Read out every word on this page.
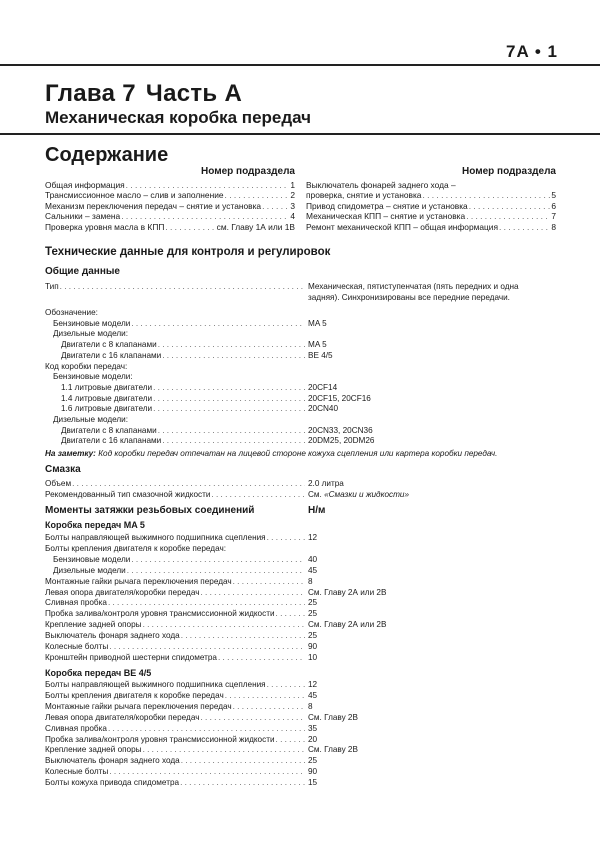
7A • 1
Глава 7 Часть А
Механическая коробка передач
Содержание
Номер подраздела
Общая информация . . .	1
Трансмиссионное масло – слив и заполнение . . .	2
Механизм переключения передач – снятие и установка . . .	3
Сальники – замена . . .	4
Проверка уровня масла в КПП . . .	см. Главу 1А или 1В
Номер подраздела
Выключатель фонарей заднего хода –
проверка, снятие и установка . . .	5
Привод спидометра – снятие и установка . . .	6
Механическая КПП – снятие и установка . . .	7
Ремонт механической КПП – общая информация . . .	8
Технические данные для контроля и регулировок
Общие данные
Тип . . .	Механическая, пятиступенчатая (пять передних и одна
задняя). Синхронизированы все передние передачи.
Обозначение:
Бензиновые модели . . .	MA 5
Дизельные модели:
Двигатели с 8 клапанами . . .	MA 5
Двигатели с 16 клапанами . . .	BE 4/5
Код коробки передач:
Бензиновые модели:
1.1 литровые двигатели . . .	20CF14
1.4 литровые двигатели . . .	20CF15, 20CF16
1.6 литровые двигатели . . .	20CN40
Дизельные модели:
Двигатели с 8 клапанами . . .	20CN33, 20CN36
Двигатели с 16 клапанами . . .	20DM25, 20DM26
На заметку: Код коробки передач отпечатан на лицевой стороне кожуха сцепления или картера коробки передач.
Смазка
Объем . . .	2.0 литра
Рекомендованный тип смазочной жидкости . . .	См. «Смазки и жидкости»
Моменты затяжки резьбовых соединений	Н/м
Коробка передач MA 5
Болты направляющей выжимного подшипника сцепления . . .	12
Болты крепления двигателя к коробке передач:
Бензиновые модели . . .	40
Дизельные модели . . .	45
Монтажные гайки рычага переключения передач . . .	8
Левая опора двигателя/коробки передач . . .	См. Главу 2А или 2В
Сливная пробка . . .	25
Пробка залива/контроля уровня трансмиссионной жидкости . . .	25
Крепление задней опоры . . .	См. Главу 2А или 2В
Выключатель фонаря заднего хода . . .	25
Колесные болты . . .	90
Кронштейн приводной шестерни спидометра . . .	10
Коробка передач BE 4/5
Болты направляющей выжимного подшипника сцепления . . .	12
Болты крепления двигателя к коробке передач . . .	45
Монтажные гайки рычага переключения передач . . .	8
Левая опора двигателя/коробки передач . . .	См. Главу 2В
Сливная пробка . . .	35
Пробка залива/контроля уровня трансмиссионной жидкости . . .	20
Крепление задней опоры . . .	См. Главу 2В
Выключатель фонаря заднего хода . . .	25
Колесные болты . . .	90
Болты кожуха привода спидометра . . .	15
